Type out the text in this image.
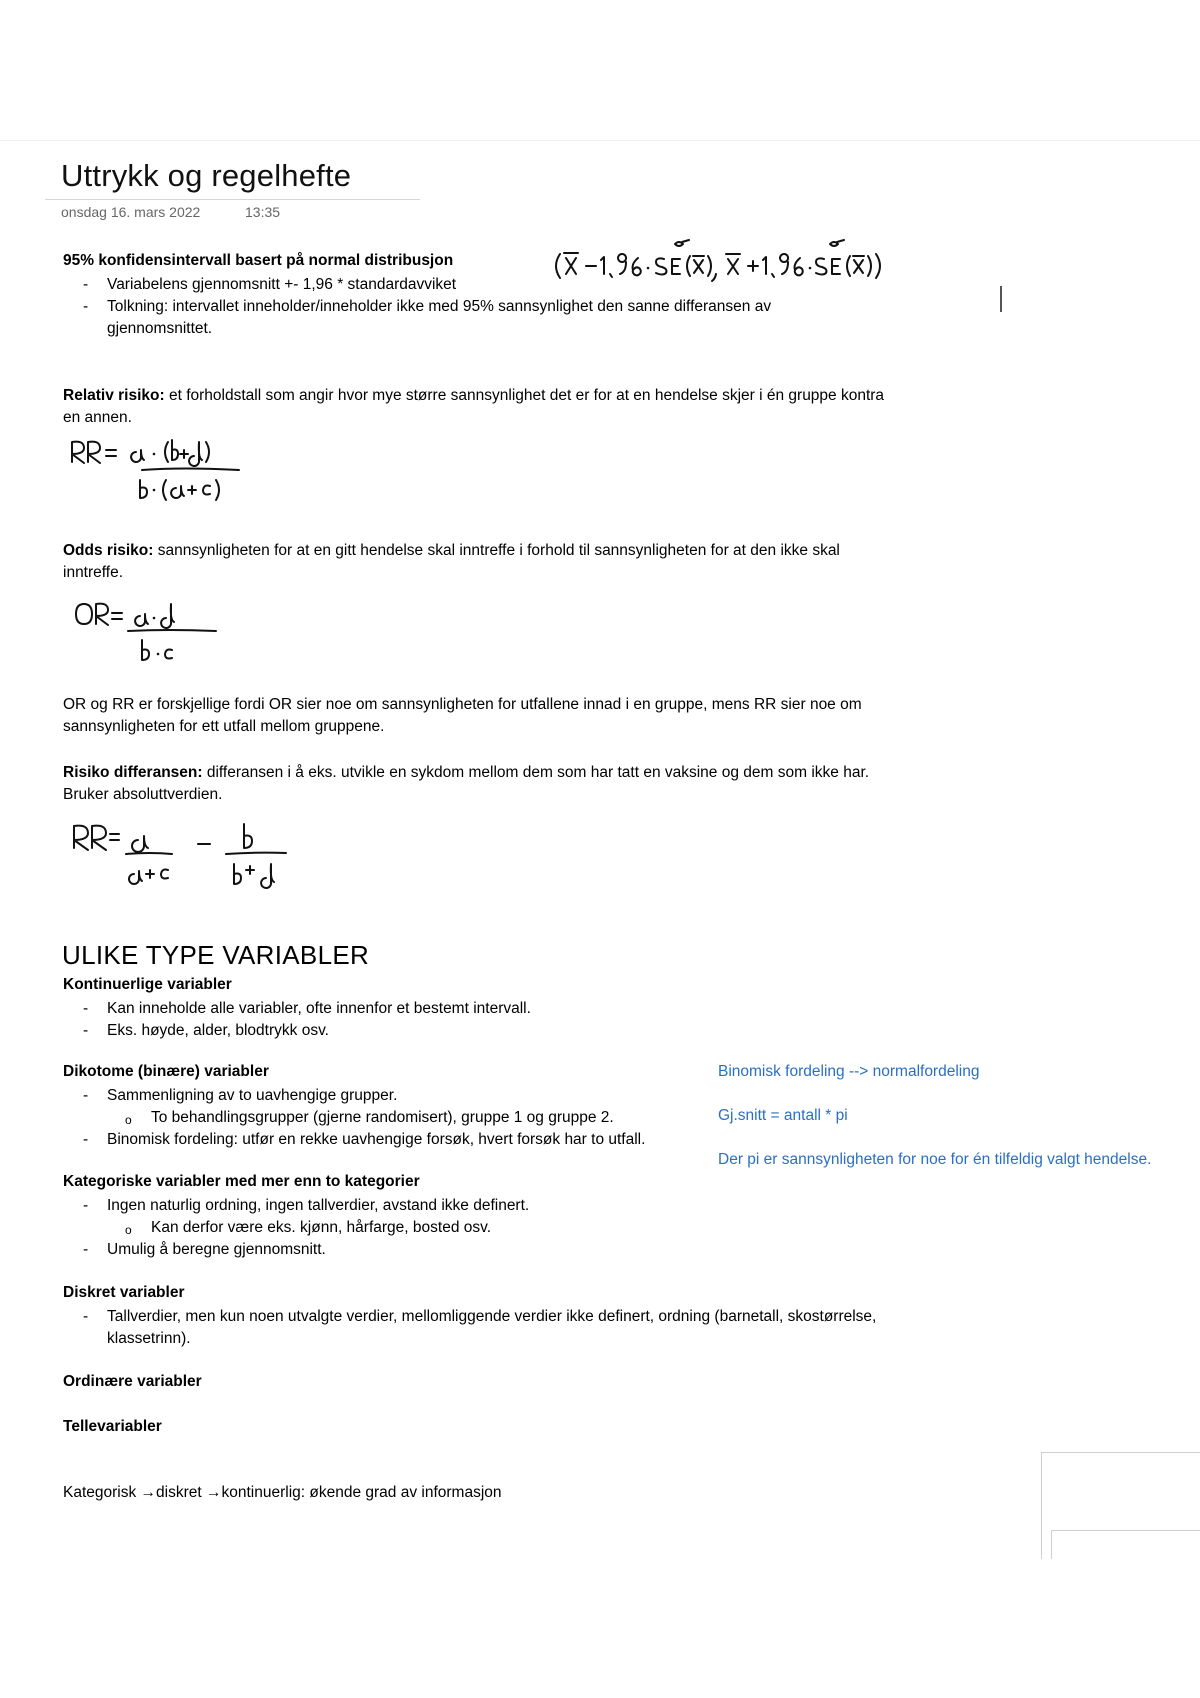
Uttrykk og regelhefte
onsdag 16. mars 2022	13:35
95% konfidensintervall basert på normal distribusjon
- Variabelens gjennomsnitt +- 1,96 * standardavviket
- Tolkning: intervallet inneholder/inneholder ikke med 95% sannsynlighet den sanne differansen av gjennomsnittet.
Relativ risiko: et forholdstall som angir hvor mye større sannsynlighet det er for at en hendelse skjer i én gruppe kontra en annen.
Odds risiko: sannsynligheten for at en gitt hendelse skal inntreffe i forhold til sannsynligheten for at den ikke skal inntreffe.
OR og RR er forskjellige fordi OR sier noe om sannsynligheten for utfallene innad i en gruppe, mens RR sier noe om sannsynligheten for ett utfall mellom gruppene.
Risiko differansen: differansen i å eks. utvikle en sykdom mellom dem som har tatt en vaksine og dem som ikke har. Bruker absoluttverdien.
ULIKE TYPE VARIABLER
Kontinuerlige variabler
- Kan inneholde alle variabler, ofte innenfor et bestemt intervall.
- Eks. høyde, alder, blodtrykk osv.
Dikotome (binære) variabler
- Sammenligning av to uavhengige grupper.
o To behandlingsgrupper (gjerne randomisert), gruppe 1 og gruppe 2.
- Binomisk fordeling: utfør en rekke uavhengige forsøk, hvert forsøk har to utfall.
Binomisk fordeling --> normalfordeling
Gj.snitt = antall * pi
Der pi er sannsynligheten for noe for én tilfeldig valgt hendelse.
Kategoriske variabler med mer enn to kategorier
- Ingen naturlig ordning, ingen tallverdier, avstand ikke definert.
o Kan derfor være eks. kjønn, hårfarge, bosted osv.
- Umulig å beregne gjennomsnitt.
Diskret variabler
- Tallverdier, men kun noen utvalgte verdier, mellomliggende verdier ikke definert, ordning (barnetall, skostørrelse, klassetrinn).
Ordinære variabler
Tellevariabler
Kategorisk →diskret →kontinuerlig: økende grad av informasjon
